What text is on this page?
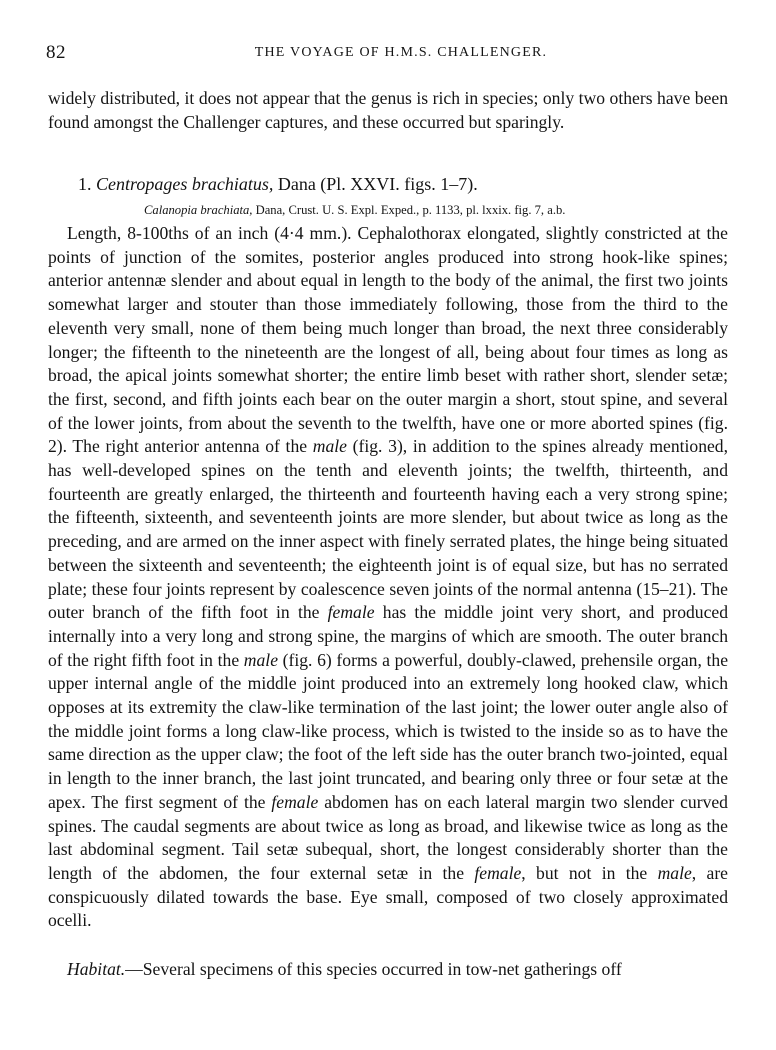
82	THE VOYAGE OF H.M.S. CHALLENGER.

widely distributed, it does not appear that the genus is rich in species; only two others have been found amongst the Challenger captures, and these occurred but sparingly.

1. Centropages brachiatus, Dana (Pl. XXVI. figs. 1–7).
Calanopia brachiata, Dana, Crust. U. S. Expl. Exped., p. 1133, pl. lxxix. fig. 7, a.b.

Length, 8-100ths of an inch (4·4 mm.). Cephalothorax elongated, slightly constricted at the points of junction of the somites, posterior angles produced into strong hook-like spines; anterior antennæ slender and about equal in length to the body of the animal, the first two joints somewhat larger and stouter than those immediately following, those from the third to the eleventh very small, none of them being much longer than broad, the next three considerably longer; the fifteenth to the nineteenth are the longest of all, being about four times as long as broad, the apical joints somewhat shorter; the entire limb beset with rather short, slender setæ; the first, second, and fifth joints each bear on the outer margin a short, stout spine, and several of the lower joints, from about the seventh to the twelfth, have one or more aborted spines (fig. 2). The right anterior antenna of the male (fig. 3), in addition to the spines already mentioned, has well-developed spines on the tenth and eleventh joints; the twelfth, thirteenth, and fourteenth are greatly enlarged, the thirteenth and fourteenth having each a very strong spine; the fifteenth, sixteenth, and seventeenth joints are more slender, but about twice as long as the preceding, and are armed on the inner aspect with finely serrated plates, the hinge being situated between the sixteenth and seventeenth; the eighteenth joint is of equal size, but has no serrated plate; these four joints represent by coalescence seven joints of the normal antenna (15–21). The outer branch of the fifth foot in the female has the middle joint very short, and produced internally into a very long and strong spine, the margins of which are smooth. The outer branch of the right fifth foot in the male (fig. 6) forms a powerful, doubly-clawed, prehensile organ, the upper internal angle of the middle joint produced into an extremely long hooked claw, which opposes at its extremity the claw-like termination of the last joint; the lower outer angle also of the middle joint forms a long claw-like process, which is twisted to the inside so as to have the same direction as the upper claw; the foot of the left side has the outer branch two-jointed, equal in length to the inner branch, the last joint truncated, and bearing only three or four setæ at the apex. The first segment of the female abdomen has on each lateral margin two slender curved spines. The caudal segments are about twice as long as broad, and likewise twice as long as the last abdominal segment. Tail setæ subequal, short, the longest considerably shorter than the length of the abdomen, the four external setæ in the female, but not in the male, are conspicuously dilated towards the base. Eye small, composed of two closely approximated ocelli.

Habitat.—Several specimens of this species occurred in tow-net gatherings off
